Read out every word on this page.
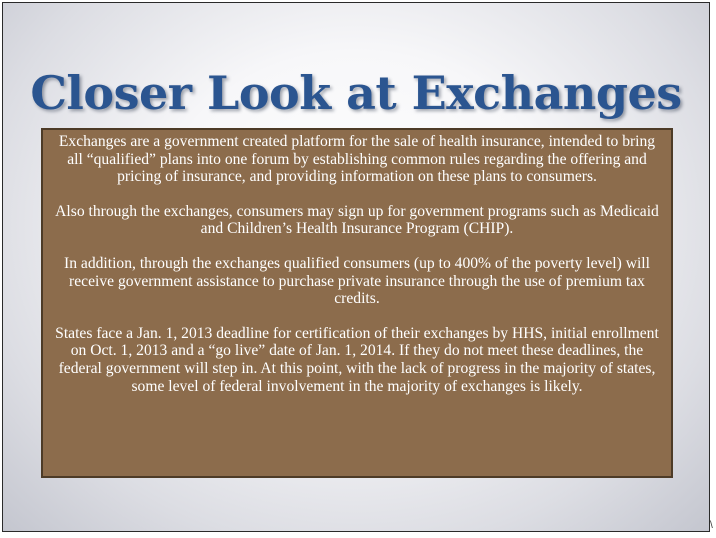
Closer Look at Exchanges

Exchanges are a government created platform for the sale of health insurance, intended to bring all “qualified” plans into one forum by establishing common rules regarding the offering and pricing of insurance, and providing information on these plans to consumers.

Also through the exchanges, consumers may sign up for government programs such as Medicaid and Children’s Health Insurance Program (CHIP).

In addition, through the exchanges qualified consumers (up to 400% of the poverty level) will receive government assistance to purchase private insurance through the use of premium tax credits.

States face a Jan. 1, 2013 deadline for certification of their exchanges by HHS, initial enrollment on Oct. 1, 2013 and a “go live” date of Jan. 1, 2014. If they do not meet these deadlines, the federal government will step in. At this point, with the lack of progress in the majority of states, some level of federal involvement in the majority of exchanges is likely.

\
